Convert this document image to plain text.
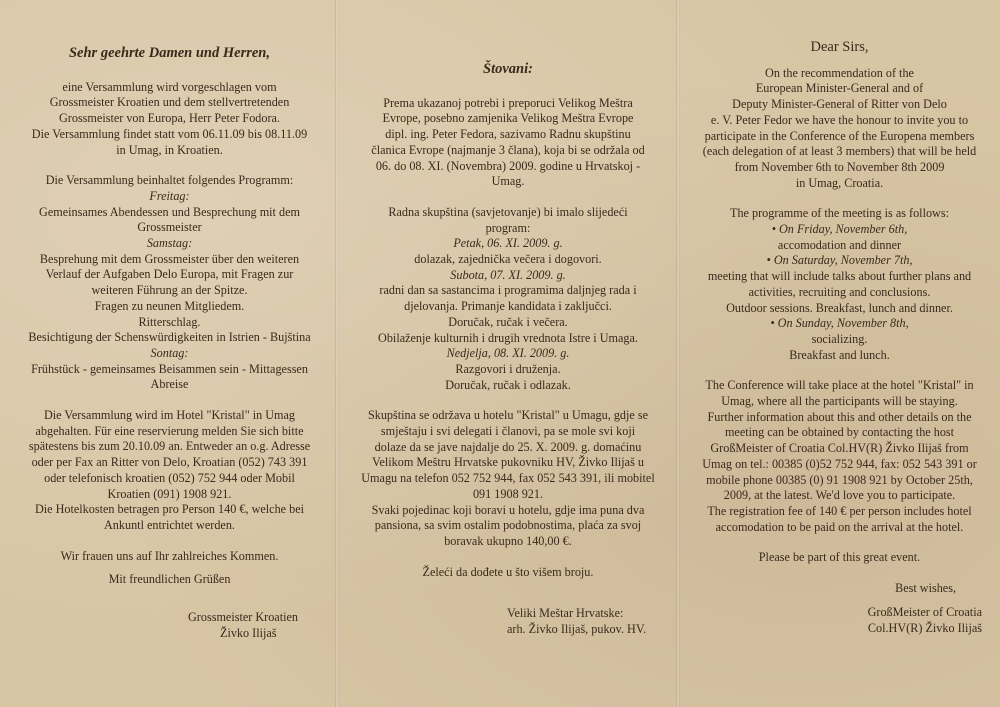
Sehr geehrte Damen und Herren,
eine Versammlung wird vorgeschlagen vom
Grossmeister Kroatien und dem stellvertretenden
Grossmeister von Europa, Herr Peter Fodora.
Die Versammlung findet statt vom 06.11.09 bis 08.11.09
in Umag, in Kroatien.
Die Versammlung beinhaltet folgendes Programm:
Freitag:
Gemeinsames Abendessen und Besprechung mit dem
Grossmeister
Samstag:
Besprehung mit dem Grossmeister über den weiteren
Verlauf der Aufgaben Delo Europa, mit Fragen zur
weiteren Führung an der Spitze.
Fragen zu neunen Mitgliedem.
Ritterschlag.
Besichtigung der Schenswürdigkeiten in Istrien - Bujština
Sontag:
Frühstück - gemeinsames Beisammen sein - Mittagessen
Abreise
Die Versammlung wird im Hotel "Kristal" in Umag
abgehalten. Für eine reservierung melden Sie sich bitte
spätestens bis zum 20.10.09 an. Entweder an o.g. Adresse
oder per Fax an Ritter von Delo, Kroatian (052) 743 391
oder telefonisch kroatien (052) 752 944 oder Mobil
Kroatien (091) 1908 921.
Die Hotelkosten betragen pro Person 140 €, welche bei
Ankuntl entrichtet werden.
Wir frauen uns auf Ihr zahlreiches Kommen.
Mit freundlichen Grüßen
Grossmeister Kroatien
Živko Ilijaš
Štovani:
Prema ukazanoj potrebi i preporuci Velikog Meštra
Evrope, posebno zamjenika Velikog Meštra Evrope
dipl. ing. Peter Fedora, sazivamo Radnu skupštinu
članica Evrope (najmanje 3 člana), koja bi se održala od
06. do 08. XI. (Novembra) 2009. godine u Hrvatskoj -
Umag.
Radna skupština (savjetovanje) bi imalo slijedeći
program:
Petak, 06. XI. 2009. g.
dolazak, zajednička večera i dogovori.
Subota, 07. XI. 2009. g.
radni dan sa sastancima i programima daljnjeg rada i
djelovanja. Primanje kandidata i zaključci.
Doručak, ručak i večera.
Obilaženje kulturnih i drugih vrednota Istre i Umaga.
Nedjelja, 08. XI. 2009. g.
Razgovori i druženja.
Doručak, ručak i odlazak.
Skupština se održava u hotelu "Kristal" u Umagu, gdje se
smještaju i svi delegati i članovi, pa se mole svi koji
dolaze da se jave najdalje do 25. X. 2009. g. domaćinu
Velikom Meštru Hrvatske pukovniku HV, Živko Ilijaš u
Umagu na telefon 052 752 944, fax 052 543 391, ili mobitel
091 1908 921.
Svaki pojedinac koji boravi u hotelu, gdje ima puna dva
pansiona, sa svim ostalim podobnostima, plaća za svoj
boravak ukupno 140,00 €.
Želeći da dođete u što višem broju.
Veliki Meštar Hrvatske:
arh. Živko Ilijaš, pukov. HV.
Dear Sirs,
On the recommendation of the
European Minister-General and of
Deputy Minister-General of Ritter von Delo
e. V. Peter Fedor we have the honour to invite you to
participate in the Conference of the Europena members
(each delegation of at least 3 members) that will be held
from November 6th to November 8th 2009
in Umag, Croatia.
The programme of the meeting is as follows:
• On Friday, November 6th,
accomodation and dinner
• On Saturday, November 7th,
meeting that will include talks about further plans and
activities, recruiting and conclusions.
Outdoor sessions. Breakfast, lunch and dinner.
• On Sunday, November 8th,
socializing.
Breakfast and lunch.
The Conference will take place at the hotel "Kristal" in
Umag, where all the participants will be staying.
Further information about this and other details on the
meeting can be obtained by contacting the host
GroßMeister of Croatia Col.HV(R) Živko Ilijaš from
Umag on tel.: 00385 (0)52 752 944, fax: 052 543 391 or
mobile phone 00385 (0) 91 1908 921 by October 25th,
2009, at the latest. We'd love you to participate.
The registration fee of 140 € per person includes hotel
accomodation to be paid on the arrival at the hotel.
Please be part of this great event.
Best wishes,
GroßMeister of Croatia
Col.HV(R) Živko Ilijaš
